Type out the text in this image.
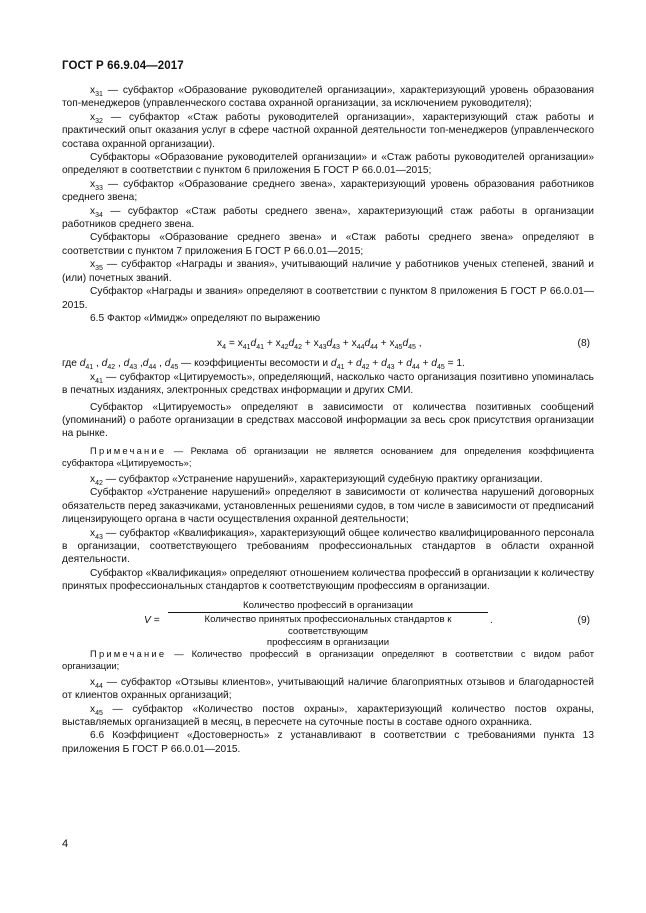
ГОСТ Р 66.9.04—2017

$x_{31}$ — субфактор «Образование руководителей организации», характеризующий уровень образования топ-менеджеров (управленческого состава охранной организации, за исключением руководителя);

$x_{32}$ — субфактор «Стаж работы руководителей организации», характеризующий стаж работы и практический опыт оказания услуг в сфере частной охранной деятельности топ-менеджеров (управленческого состава охранной организации).

Субфакторы «Образование руководителей организации» и «Стаж работы руководителей организации» определяют в соответствии с пунктом 6 приложения Б ГОСТ Р 66.0.01—2015;

$x_{33}$ — субфактор «Образование среднего звена», характеризующий уровень образования работников среднего звена;

$x_{34}$ — субфактор «Стаж работы среднего звена», характеризующий стаж работы в организации работников среднего звена.

Субфакторы «Образование среднего звена» и «Стаж работы среднего звена» определяют в соответствии с пунктом 7 приложения Б ГОСТ Р 66.0.01—2015;

$x_{35}$ — субфактор «Награды и звания», учитывающий наличие у работников ученых степеней, званий и (или) почетных званий.

Субфактор «Награды и звания» определяют в соответствии с пунктом 8 приложения Б ГОСТ Р 66.0.01—2015.

6.5 Фактор «Имидж» определяют по выражению

$x_4 = x_{41}d_{41} + x_{42}d_{42} + x_{43}d_{43} + x_{44}d_{44} + x_{45}d_{45}$ ,	(8)

где $d_{41}$ , $d_{42}$ , $d_{43}$ $,d_{44}$ , $d_{45}$ — коэффициенты весомости и $d_{41} + d_{42} + d_{43} + d_{44} + d_{45} = 1$.

$x_{41}$ — субфактор «Цитируемость», определяющий, насколько часто организация позитивно упоминалась в печатных изданиях, электронных средствах информации и других СМИ.

Субфактор «Цитируемость» определяют в зависимости от количества позитивных сообщений (упоминаний) о работе организации в средствах массовой информации за весь срок присутствия организации на рынке.

Примечание — Реклама об организации не является основанием для определения коэффициента субфактора «Цитируемость»;

$x_{42}$ — субфактор «Устранение нарушений», характеризующий судебную практику организации.

Субфактор «Устранение нарушений» определяют в зависимости от количества нарушений договорных обязательств перед заказчиками, установленных решениями судов, в том числе в зависимости от предписаний лицензирующего органа в части осуществления охранной деятельности;

$x_{43}$ — субфактор «Квалификация», характеризующий общее количество квалифицированного персонала в организации, соответствующего требованиям профессиональных стандартов в области охранной деятельности.

Субфактор «Квалификация» определяют отношением количества профессий в организации к количеству принятых профессиональных стандартов к соответствующим профессиям в организации.

V =
Количество профессий в организации
Количество принятых профессиональных стандартов к соответствующим
профессиям в организации
.	(9)

Примечание — Количество профессий в организации определяют в соответствии с видом работ организации;

$x_{44}$ — субфактор «Отзывы клиентов», учитывающий наличие благоприятных отзывов и благодарностей от клиентов охранных организаций;

$x_{45}$ — субфактор «Количество постов охраны», характеризующий количество постов охраны, выставляемых организацией в месяц, в пересчете на суточные посты в составе одного охранника.

6.6 Коэффициент «Достоверность» z устанавливают в соответствии с требованиями пункта 13 приложения Б ГОСТ Р 66.0.01—2015.

4
